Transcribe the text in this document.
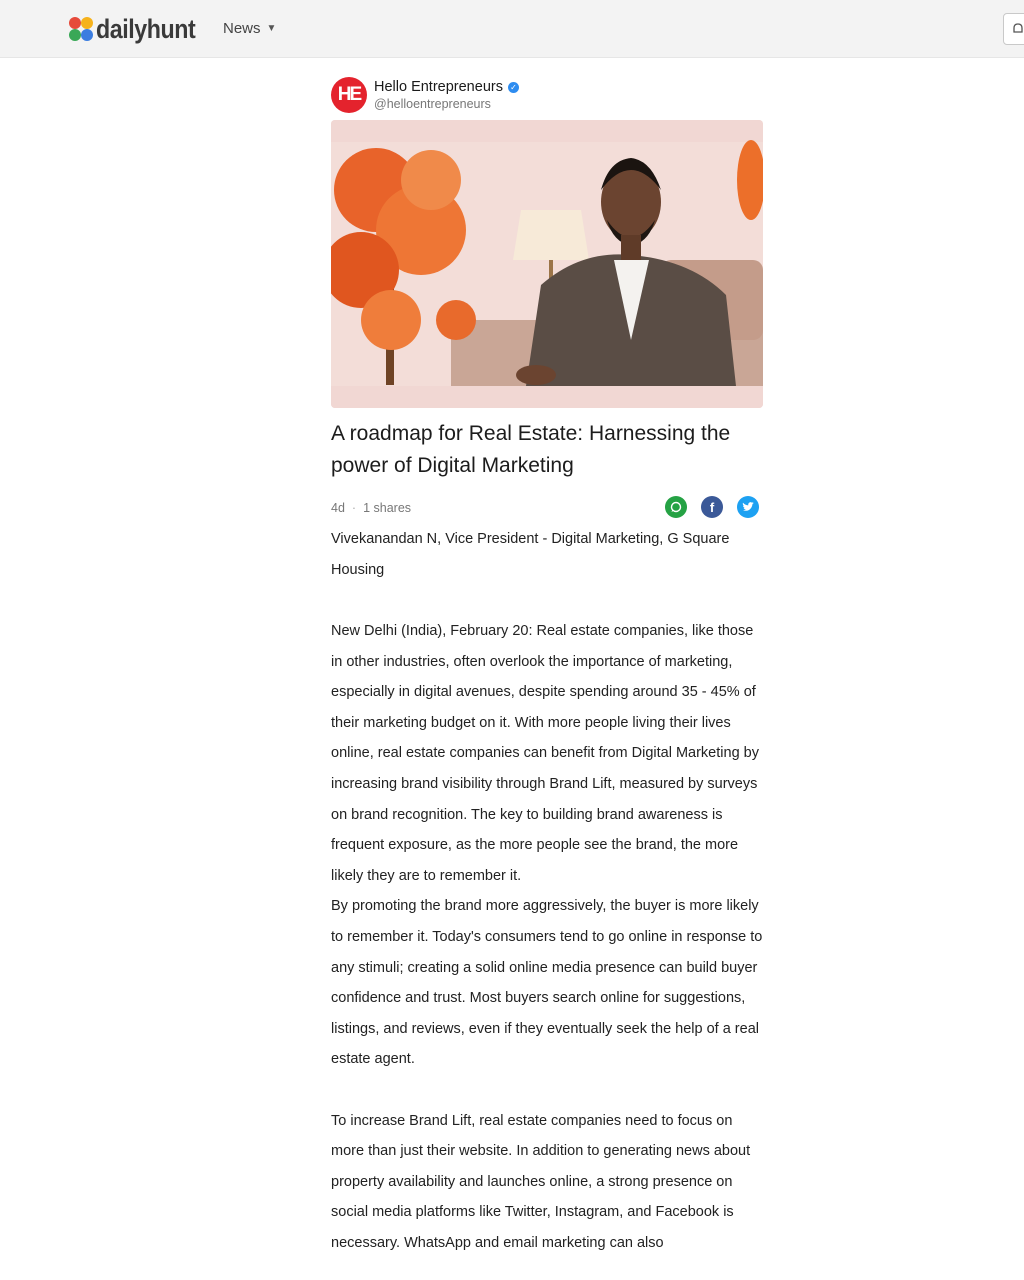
dailyhunt News ▼
HE Hello Entrepreneurs ✓
@helloentrepreneurs
A roadmap for Real Estate: Harnessing the power of Digital Marketing
4d · 1 shares	f

Vivekanandan N, Vice President - Digital Marketing, G Square Housing

New Delhi (India), February 20: Real estate companies, like those in other industries, often overlook the importance of marketing, especially in digital avenues, despite spending around 35 - 45% of their marketing budget on it. With more people living their lives online, real estate companies can benefit from Digital Marketing by increasing brand visibility through Brand Lift, measured by surveys on brand recognition. The key to building brand awareness is frequent exposure, as the more people see the brand, the more likely they are to remember it.

By promoting the brand more aggressively, the buyer is more likely to remember it. Today's consumers tend to go online in response to any stimuli; creating a solid online media presence can build buyer confidence and trust. Most buyers search online for suggestions, listings, and reviews, even if they eventually seek the help of a real estate agent.

To increase Brand Lift, real estate companies need to focus on more than just their website. In addition to generating news about property availability and launches online, a strong presence on social media platforms like Twitter, Instagram, and Facebook is necessary. WhatsApp and email marketing can also
